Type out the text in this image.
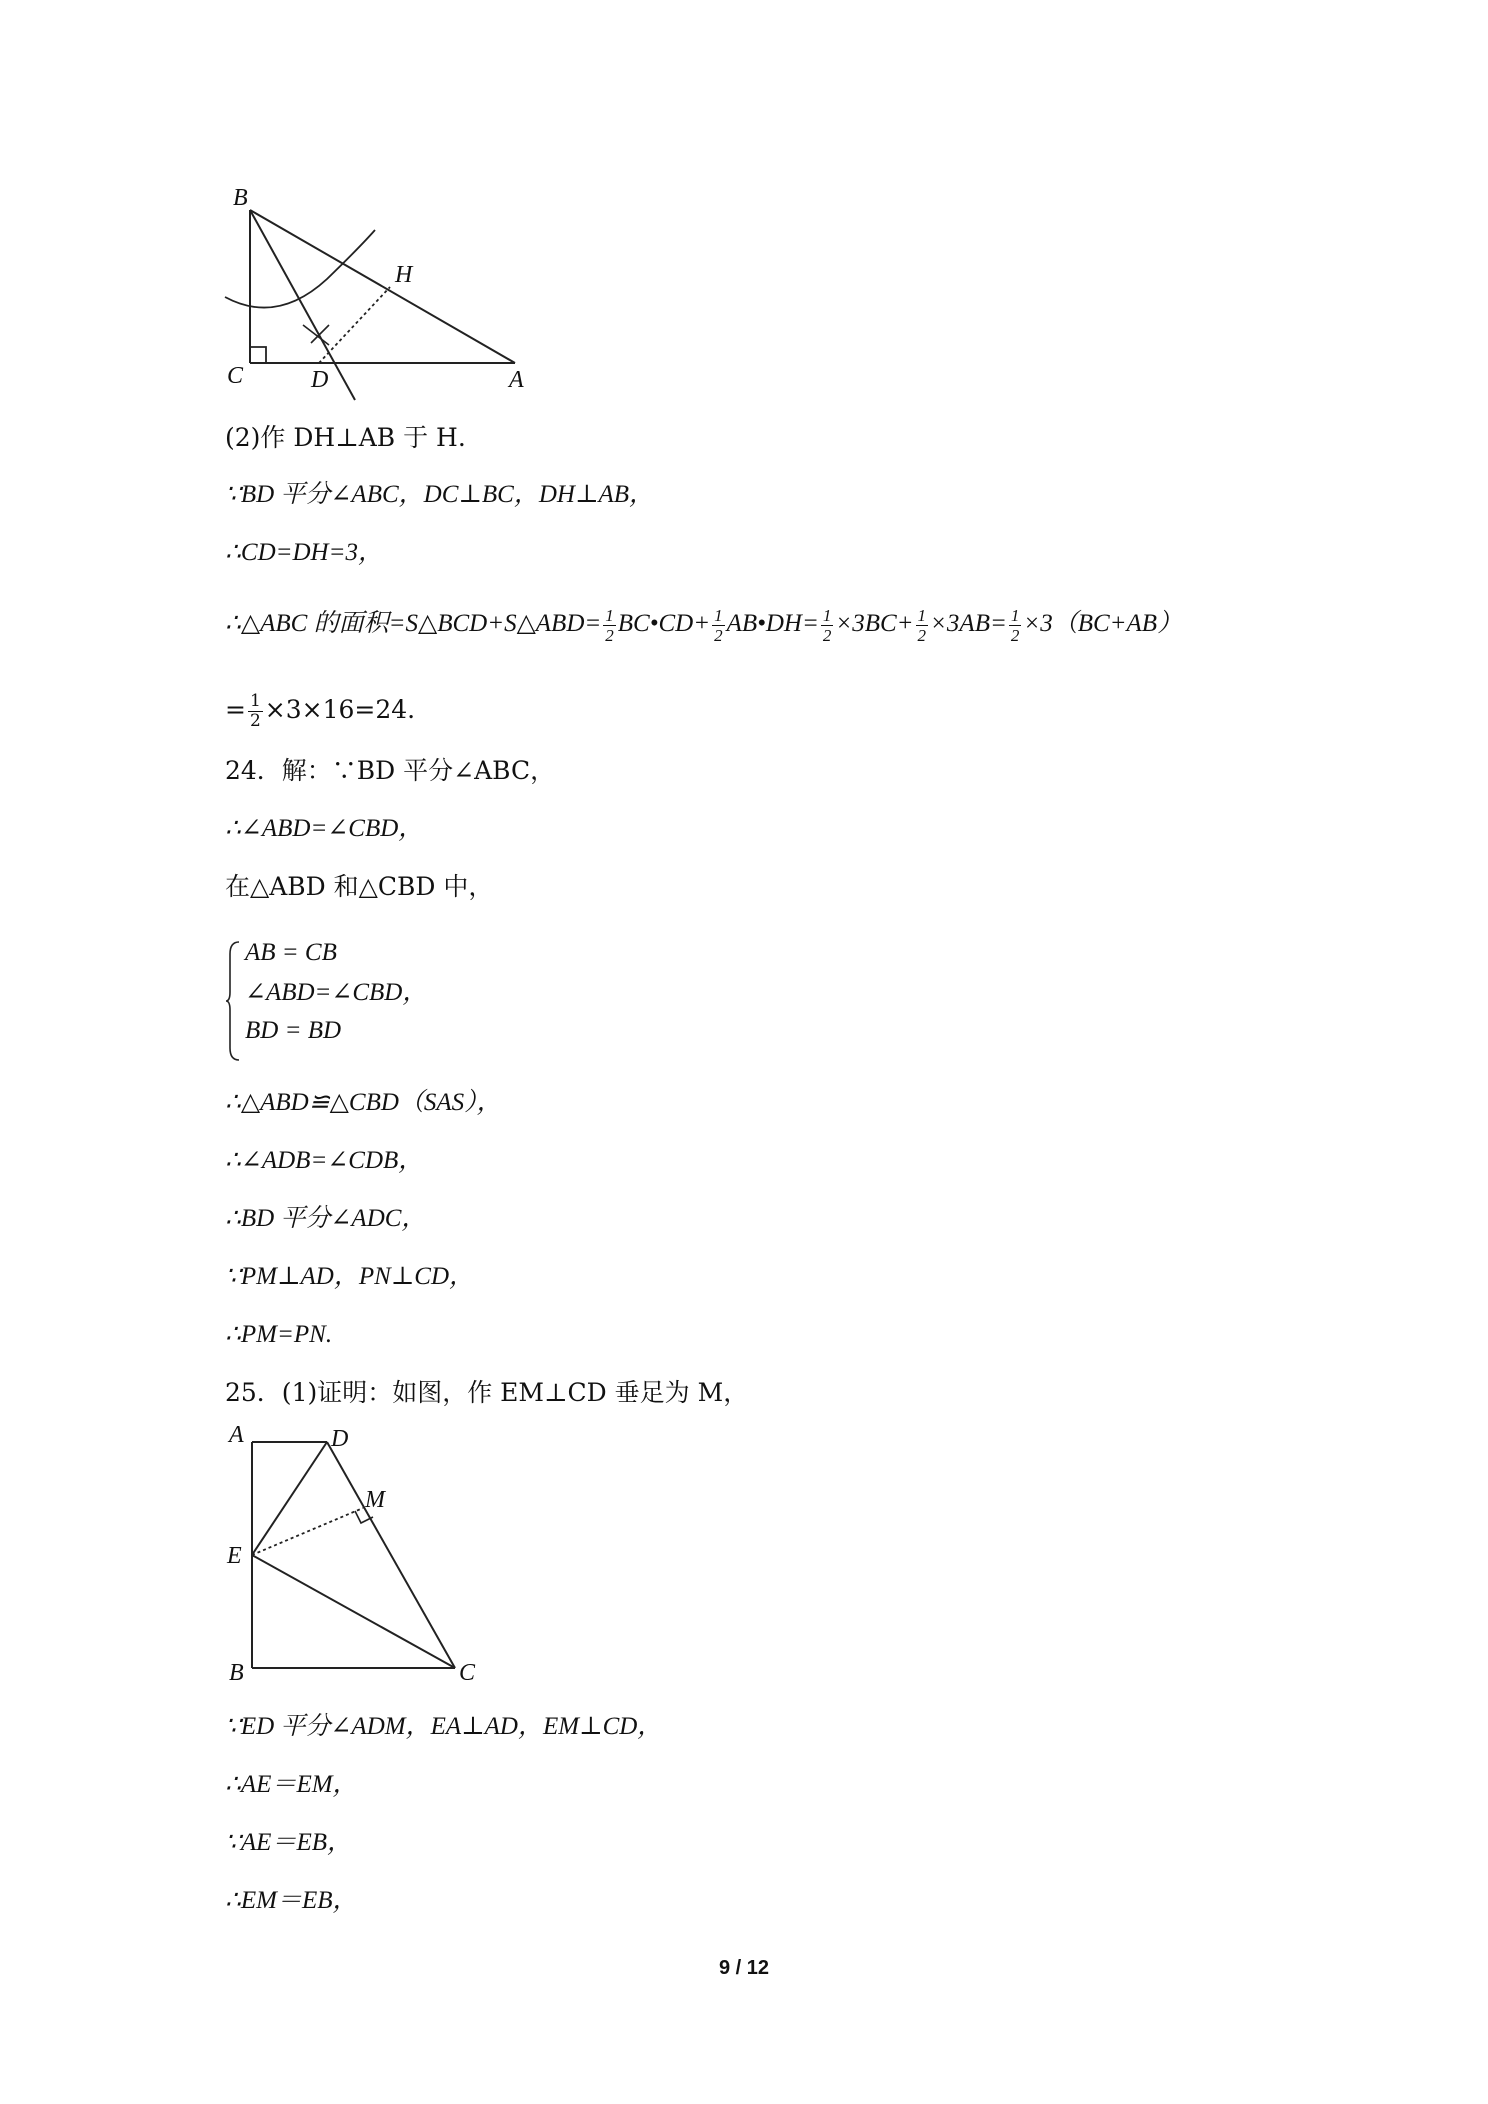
B
H
C	D	A
(2)作 DH⊥AB 于 H.
∵BD 平分∠ABC，DC⊥BC，DH⊥AB，
∴CD=DH=3，
∴△ABC 的面积=S△BCD+S△ABD= $\frac{1}{2}$ BC•CD+ $\frac{1}{2}$ AB•DH= $\frac{1}{2} \times 3BC+ \frac{1}{2} \times 3AB= \frac{1}{2} \times 3(BC+AB)$
= $\frac{1}{2} \times 3\times 16=24$.
24．解：∵BD 平分∠ABC，
∴∠ABD=∠CBD，
在△ABD 和△CBD 中，
AB = CB
∠ABD=∠CBD，
BD = BD
∴△ABD≌△CBD（SAS），
∴∠ADB=∠CDB，
∴BD 平分∠ADC，
∵PM⊥AD，PN⊥CD，
∴PM=PN.
25．(1)证明：如图，作 EM⊥CD 垂足为 M，
A	D
M
E
B	C
∵ED 平分∠ADM，EA⊥AD，EM⊥CD，
∴AE＝EM，
∵AE＝EB，
∴EM＝EB，
9 / 12
